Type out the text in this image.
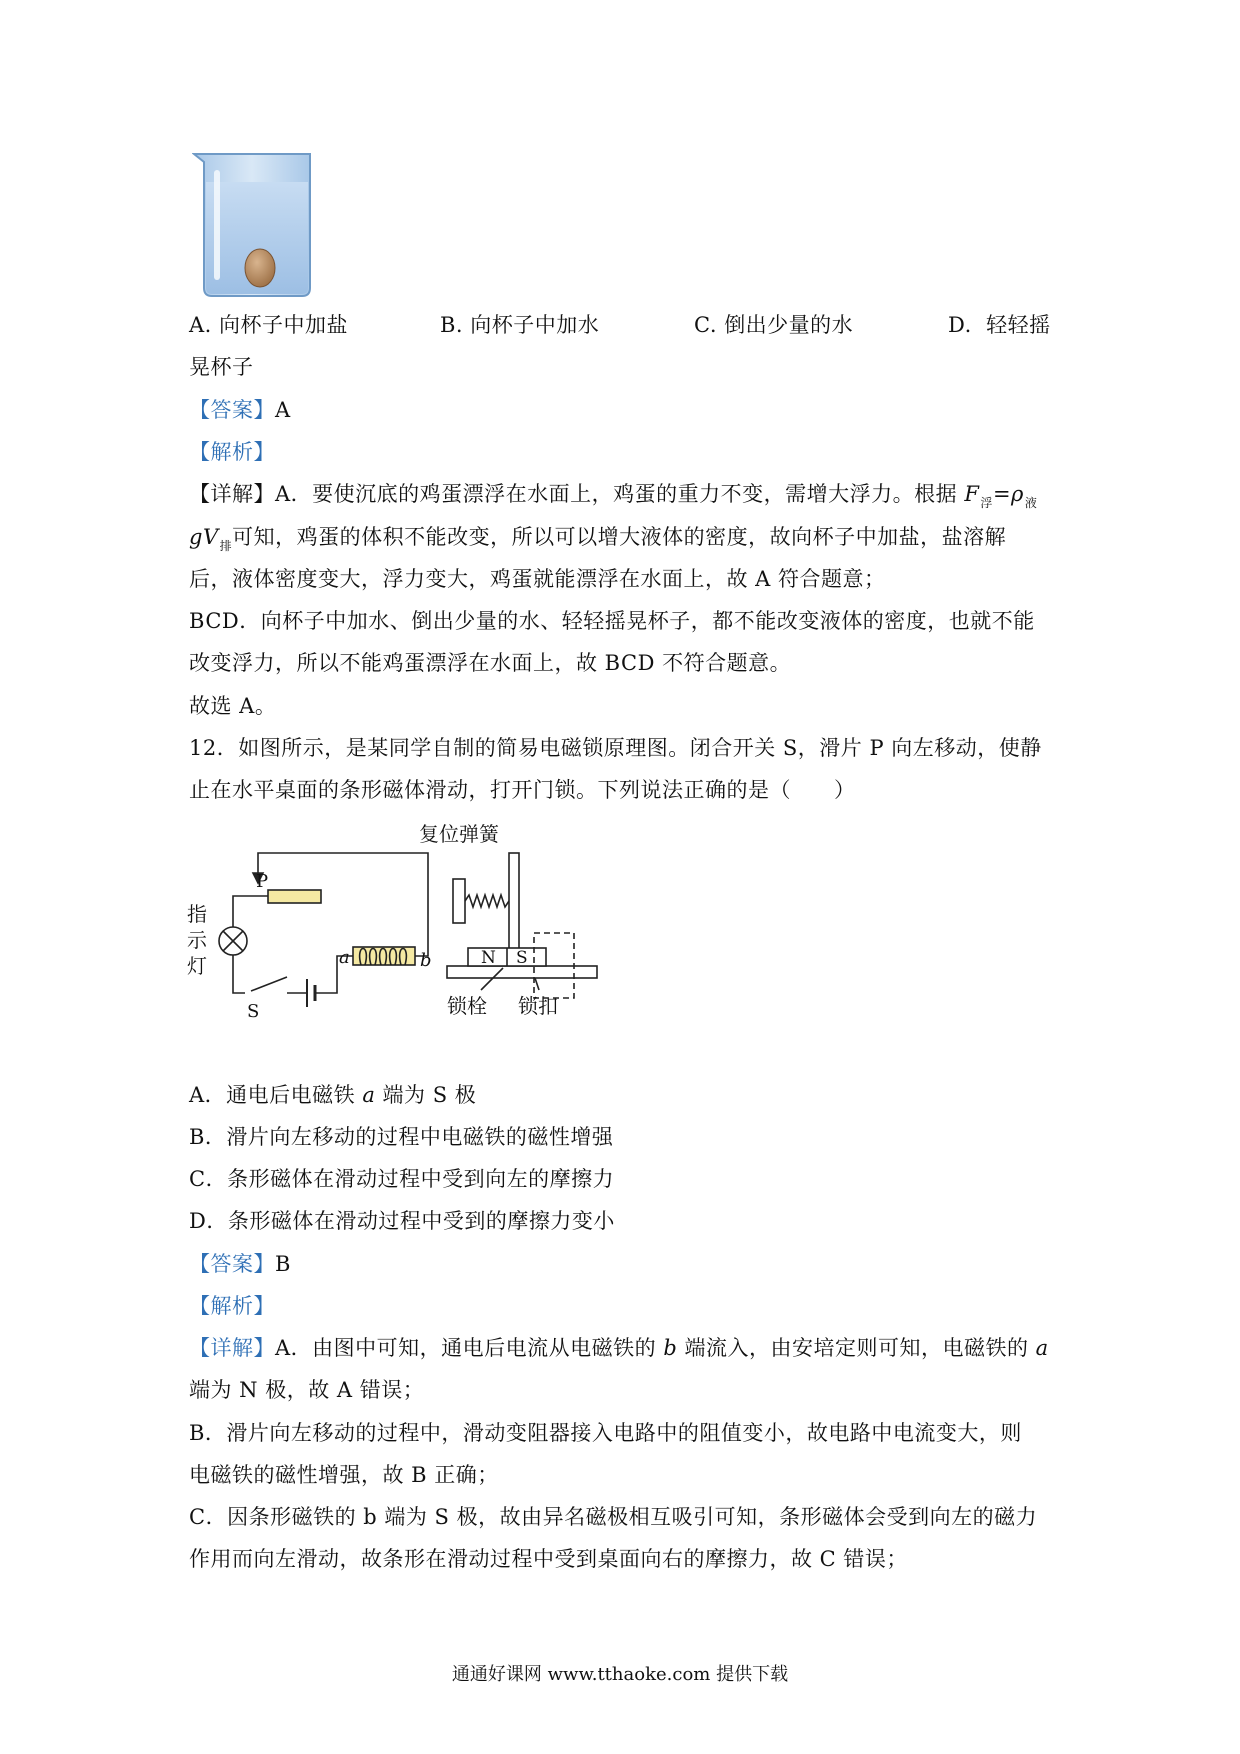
A. 向杯子中加盐	B. 向杯子中加水	C. 倒出少量的水	D. 轻轻摇
晃杯子
【答案】A
【解析】
【详解】A．要使沉底的鸡蛋漂浮在水面上，鸡蛋的重力不变，需增大浮力。根据 $F_浮=\rho_液$
$gV_排$可知，鸡蛋的体积不能改变，所以可以增大液体的密度，故向杯子中加盐，盐溶解
后，液体密度变大，浮力变大，鸡蛋就能漂浮在水面上，故 A 符合题意；
BCD．向杯子中加水、倒出少量的水、轻轻摇晃杯子，都不能改变液体的密度，也就不能
改变浮力，所以不能鸡蛋漂浮在水面上，故 BCD 不符合题意。
故选 A。
12．如图所示，是某同学自制的简易电磁锁原理图。闭合开关 S，滑片 P 向左移动，使静
止在水平桌面的条形磁体滑动，打开门锁。下列说法正确的是（　　）
复位弹簧
P
指
示
灯	a	b	N S
S	锁栓 锁扣
A．通电后电磁铁 a 端为 S 极
B．滑片向左移动的过程中电磁铁的磁性增强
C．条形磁体在滑动过程中受到向左的摩擦力
D．条形磁体在滑动过程中受到的摩擦力变小
【答案】B
【解析】
【详解】A．由图中可知，通电后电流从电磁铁的 b 端流入，由安培定则可知，电磁铁的 a
端为 N 极，故 A 错误；
B．滑片向左移动的过程中，滑动变阻器接入电路中的阻值变小，故电路中电流变大，则
电磁铁的磁性增强，故 B 正确；
C．因条形磁铁的 b 端为 S 极，故由异名磁极相互吸引可知，条形磁体会受到向左的磁力
作用而向左滑动，故条形在滑动过程中受到桌面向右的摩擦力，故 C 错误；
通通好课网 www.tthaoke.com 提供下载
